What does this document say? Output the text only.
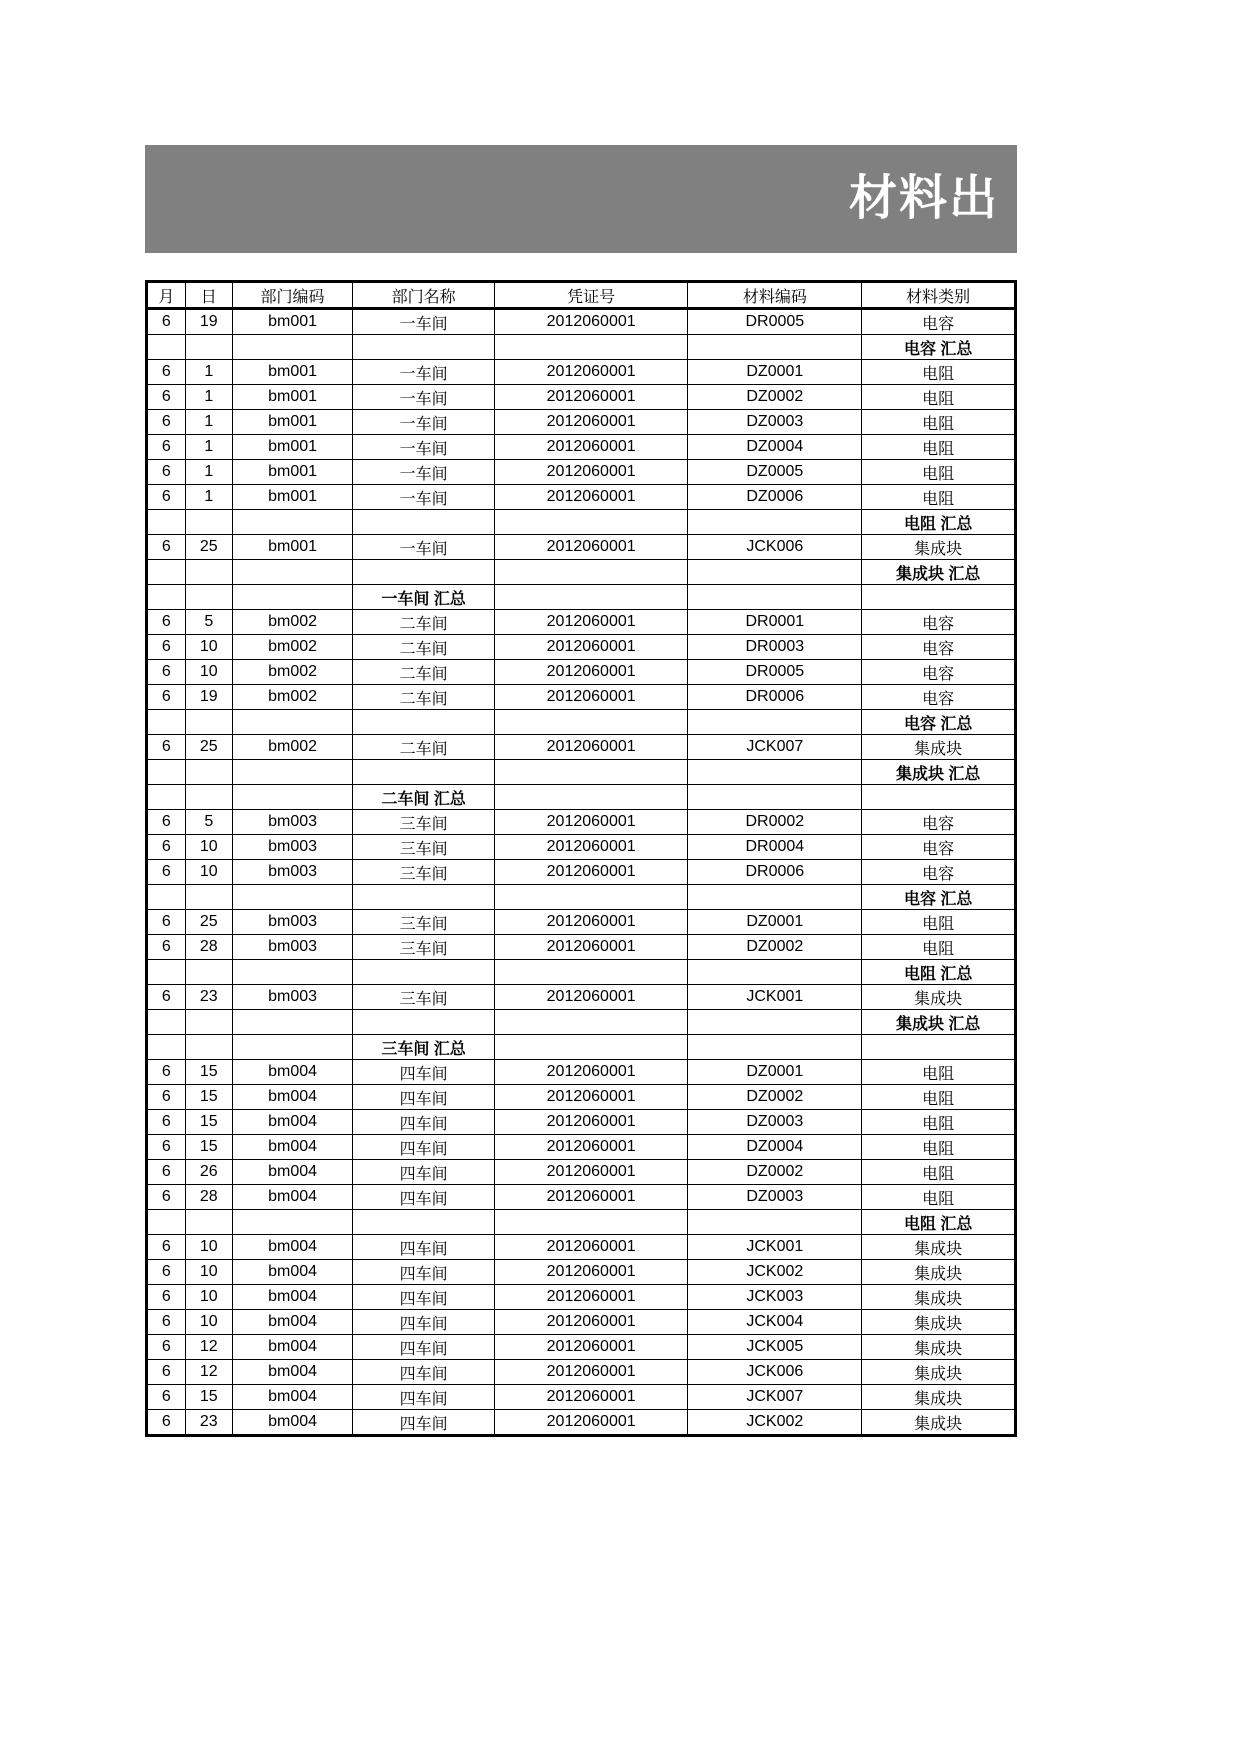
材料出
月	日	部门编码	部门名称	凭证号	材料编码	材料类别
6	19	bm001	一车间	2012060001	DR0005	电容
						电容 汇总
6	1	bm001	一车间	2012060001	DZ0001	电阻
6	1	bm001	一车间	2012060001	DZ0002	电阻
6	1	bm001	一车间	2012060001	DZ0003	电阻
6	1	bm001	一车间	2012060001	DZ0004	电阻
6	1	bm001	一车间	2012060001	DZ0005	电阻
6	1	bm001	一车间	2012060001	DZ0006	电阻
						电阻 汇总
6	25	bm001	一车间	2012060001	JCK006	集成块
						集成块 汇总
			一车间 汇总			
6	5	bm002	二车间	2012060001	DR0001	电容
6	10	bm002	二车间	2012060001	DR0003	电容
6	10	bm002	二车间	2012060001	DR0005	电容
6	19	bm002	二车间	2012060001	DR0006	电容
						电容 汇总
6	25	bm002	二车间	2012060001	JCK007	集成块
						集成块 汇总
			二车间 汇总			
6	5	bm003	三车间	2012060001	DR0002	电容
6	10	bm003	三车间	2012060001	DR0004	电容
6	10	bm003	三车间	2012060001	DR0006	电容
						电容 汇总
6	25	bm003	三车间	2012060001	DZ0001	电阻
6	28	bm003	三车间	2012060001	DZ0002	电阻
						电阻 汇总
6	23	bm003	三车间	2012060001	JCK001	集成块
						集成块 汇总
			三车间 汇总			
6	15	bm004	四车间	2012060001	DZ0001	电阻
6	15	bm004	四车间	2012060001	DZ0002	电阻
6	15	bm004	四车间	2012060001	DZ0003	电阻
6	15	bm004	四车间	2012060001	DZ0004	电阻
6	26	bm004	四车间	2012060001	DZ0002	电阻
6	28	bm004	四车间	2012060001	DZ0003	电阻
						电阻 汇总
6	10	bm004	四车间	2012060001	JCK001	集成块
6	10	bm004	四车间	2012060001	JCK002	集成块
6	10	bm004	四车间	2012060001	JCK003	集成块
6	10	bm004	四车间	2012060001	JCK004	集成块
6	12	bm004	四车间	2012060001	JCK005	集成块
6	12	bm004	四车间	2012060001	JCK006	集成块
6	15	bm004	四车间	2012060001	JCK007	集成块
6	23	bm004	四车间	2012060001	JCK002	集成块
